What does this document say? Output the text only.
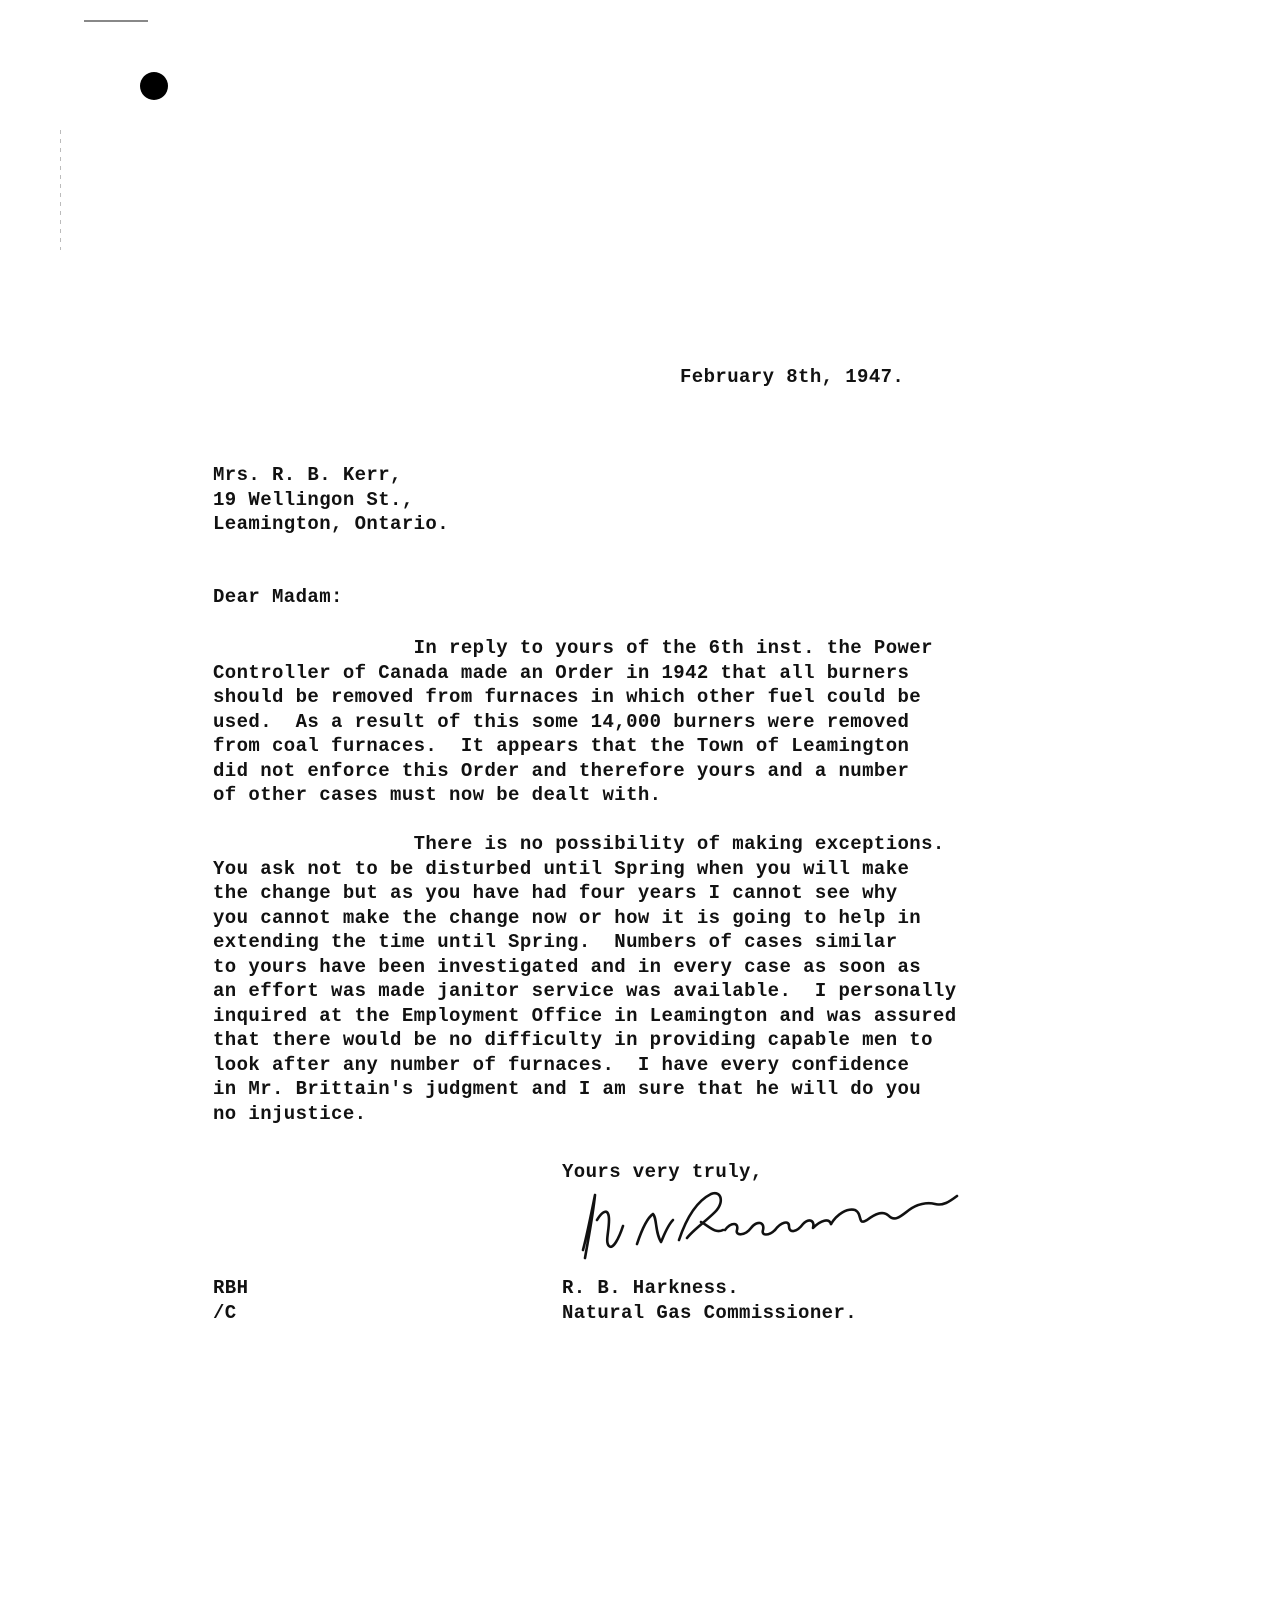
February 8th, 1947.
Mrs. R. B. Kerr,
19 Wellingon St.,
Leamington, Ontario.
Dear Madam:
In reply to yours of the 6th inst. the Power
Controller of Canada made an Order in 1942 that all burners
should be removed from furnaces in which other fuel could be
used.  As a result of this some 14,000 burners were removed
from coal furnaces.  It appears that the Town of Leamington
did not enforce this Order and therefore yours and a number
of other cases must now be dealt with.
There is no possibility of making exceptions.
You ask not to be disturbed until Spring when you will make
the change but as you have had four years I cannot see why
you cannot make the change now or how it is going to help in
extending the time until Spring.  Numbers of cases similar
to yours have been investigated and in every case as soon as
an effort was made janitor service was available.  I personally
inquired at the Employment Office in Leamington and was assured
that there would be no difficulty in providing capable men to
look after any number of furnaces.  I have every confidence
in Mr. Brittain's judgment and I am sure that he will do you
no injustice.
Yours very truly,
R. B. Harkness.
Natural Gas Commissioner.
RBH
/C
